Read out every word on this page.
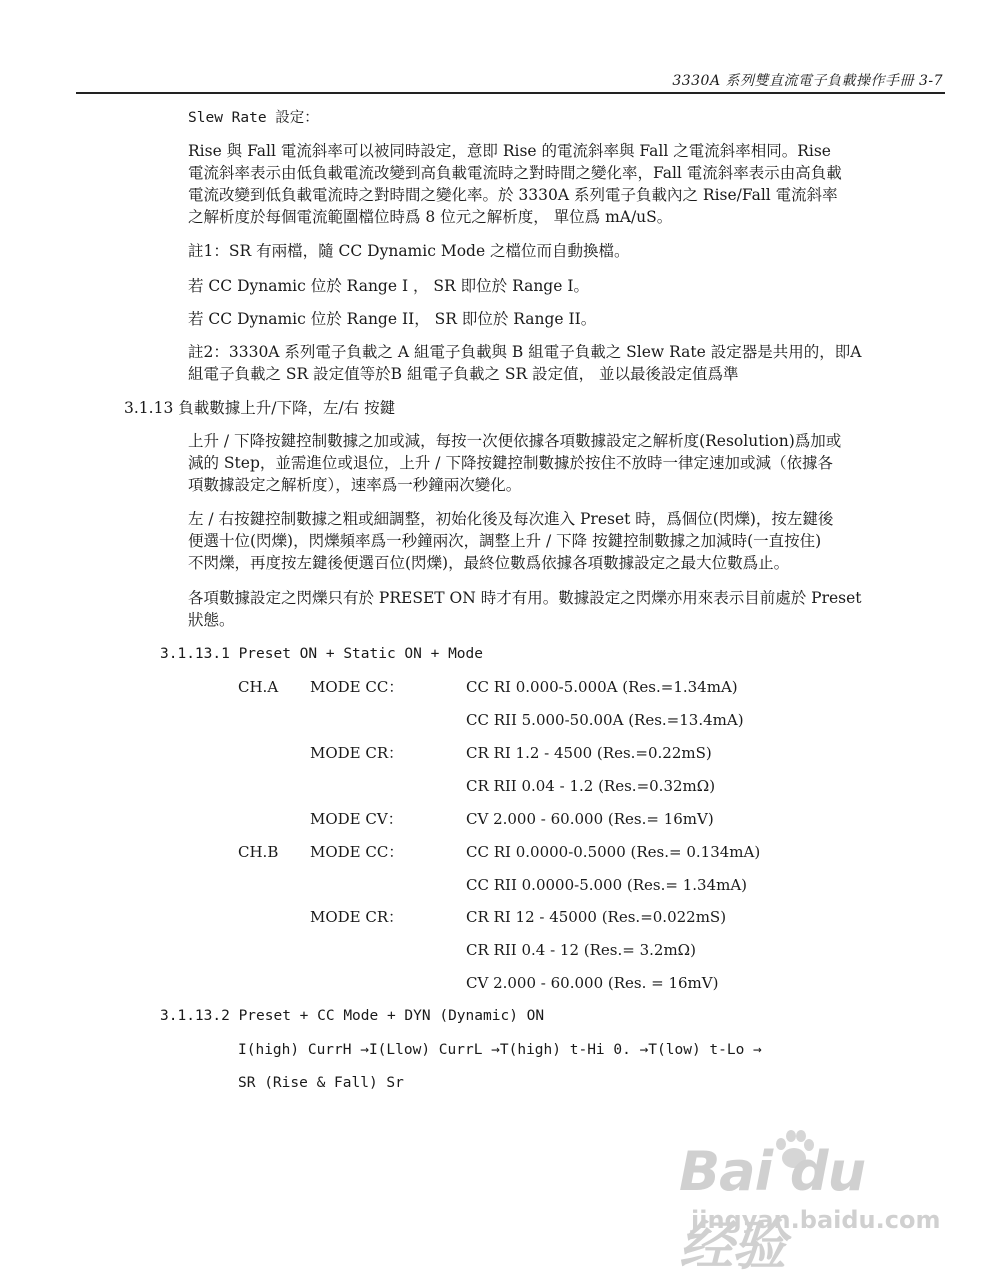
3330A 系列雙直流電子負載操作手冊 3-7
Slew Rate 設定：
Rise 與 Fall 電流斜率可以被同時設定，意即 Rise 的電流斜率與 Fall 之電流斜率相同。Rise
電流斜率表示由低負載電流改變到高負載電流時之對時間之變化率，Fall 電流斜率表示由高負載
電流改變到低負載電流時之對時間之變化率。於 3330A 系列電子負載內之 Rise/Fall 電流斜率
之解析度於每個電流範圍檔位時爲 8 位元之解析度， 單位爲 mA/uS。
註1：SR 有兩檔，隨 CC Dynamic Mode 之檔位而自動換檔。
若 CC Dynamic 位於 Range I ， SR 即位於 Range I。
若 CC Dynamic 位於 Range II， SR 即位於 Range II。
註2：3330A 系列電子負載之 A 組電子負載與 B 組電子負載之 Slew Rate 設定器是共用的，即A
組電子負載之 SR 設定值等於B 組電子負載之 SR 設定值， 並以最後設定值爲準
3.1.13 負載數據上升/下降，左/右 按鍵
上升 / 下降按鍵控制數據之加或減，每按一次便依據各項數據設定之解析度(Resolution)爲加或
減的 Step，並需進位或退位，上升 / 下降按鍵控制數據於按住不放時一律定速加或減（依據各
項數據設定之解析度），速率爲一秒鐘兩次變化。
左 / 右按鍵控制數據之粗或細調整，初始化後及每次進入 Preset 時，爲個位(閃爍)，按左鍵後
便選十位(閃爍)，閃爍頻率爲一秒鐘兩次，調整上升 / 下降 按鍵控制數據之加減時(一直按住)
不閃爍，再度按左鍵後便選百位(閃爍)，最終位數爲依據各項數據設定之最大位數爲止。
各項數據設定之閃爍只有於 PRESET ON 時才有用。數據設定之閃爍亦用來表示目前處於 Preset
狀態。
3.1.13.1 Preset ON + Static ON + Mode
CH.A MODE CC：	CC RI 0.000-5.000A (Res.=1.34mA)
CC RII 5.000-50.00A (Res.=13.4mA)
MODE CR：	CR RI 1.2 - 4500 (Res.=0.22mS)
CR RII 0.04 - 1.2 (Res.=0.32mΩ)
MODE CV：	CV 2.000 - 60.000 (Res.= 16mV)
CH.B MODE CC：	CC RI 0.0000-0.5000 (Res.= 0.134mA)
CC RII 0.0000-5.000 (Res.= 1.34mA)
MODE CR：	CR RI 12 - 45000 (Res.=0.022mS)
CR RII 0.4 - 12 (Res.= 3.2mΩ)
CV 2.000 - 60.000 (Res. = 16mV)
3.1.13.2 Preset + CC Mode + DYN (Dynamic) ON
I(high) CurrH →I(Llow) CurrL →T(high) t-Hi 0. →T(low) t-Lo →
SR (Rise & Fall) Sr
Bai du 经验
jingyan.baidu.com
